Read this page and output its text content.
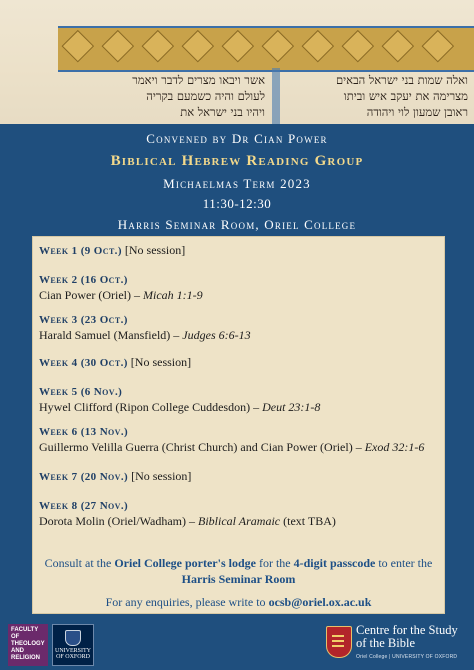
אשר ויבאו מצרים לדבר ויאמר
לעולם והיה כשמעם בקריה
ויהיו בני ישראל את
ואלה שמות בני ישראל הבאים
מצרימה את יעקב איש וביתו
ראובן שמעון לוי ויהודה
Convened by Dr Cian Power
Biblical Hebrew Reading Group
Michaelmas Term 2023
11:30-12:30
Harris Seminar Room, Oriel College
Week 1 (9 Oct.) [No session]
Week 2 (16 Oct.)
Cian Power (Oriel) – Micah 1:1-9
Week 3 (23 Oct.)
Harald Samuel (Mansfield) – Judges 6:6-13
Week 4 (30 Oct.) [No session]
Week 5 (6 Nov.)
Hywel Clifford (Ripon College Cuddesdon) – Deut 23:1-8
Week 6 (13 Nov.)
Guillermo Velilla Guerra (Christ Church) and Cian Power (Oriel) – Exod 32:1-6
Week 7 (20 Nov.) [No session]
Week 8 (27 Nov.)
Dorota Molin (Oriel/Wadham) – Biblical Aramaic (text TBA)
Consult at the Oriel College porter's lodge for the 4-digit passcode to enter the
Harris Seminar Room
For any enquiries, please write to ocsb@oriel.ox.ac.uk
FACULTY OF THEOLOGY AND RELIGION
UNIVERSITY OF OXFORD
Centre for the Study of the Bible
Oriel College | UNIVERSITY OF OXFORD
